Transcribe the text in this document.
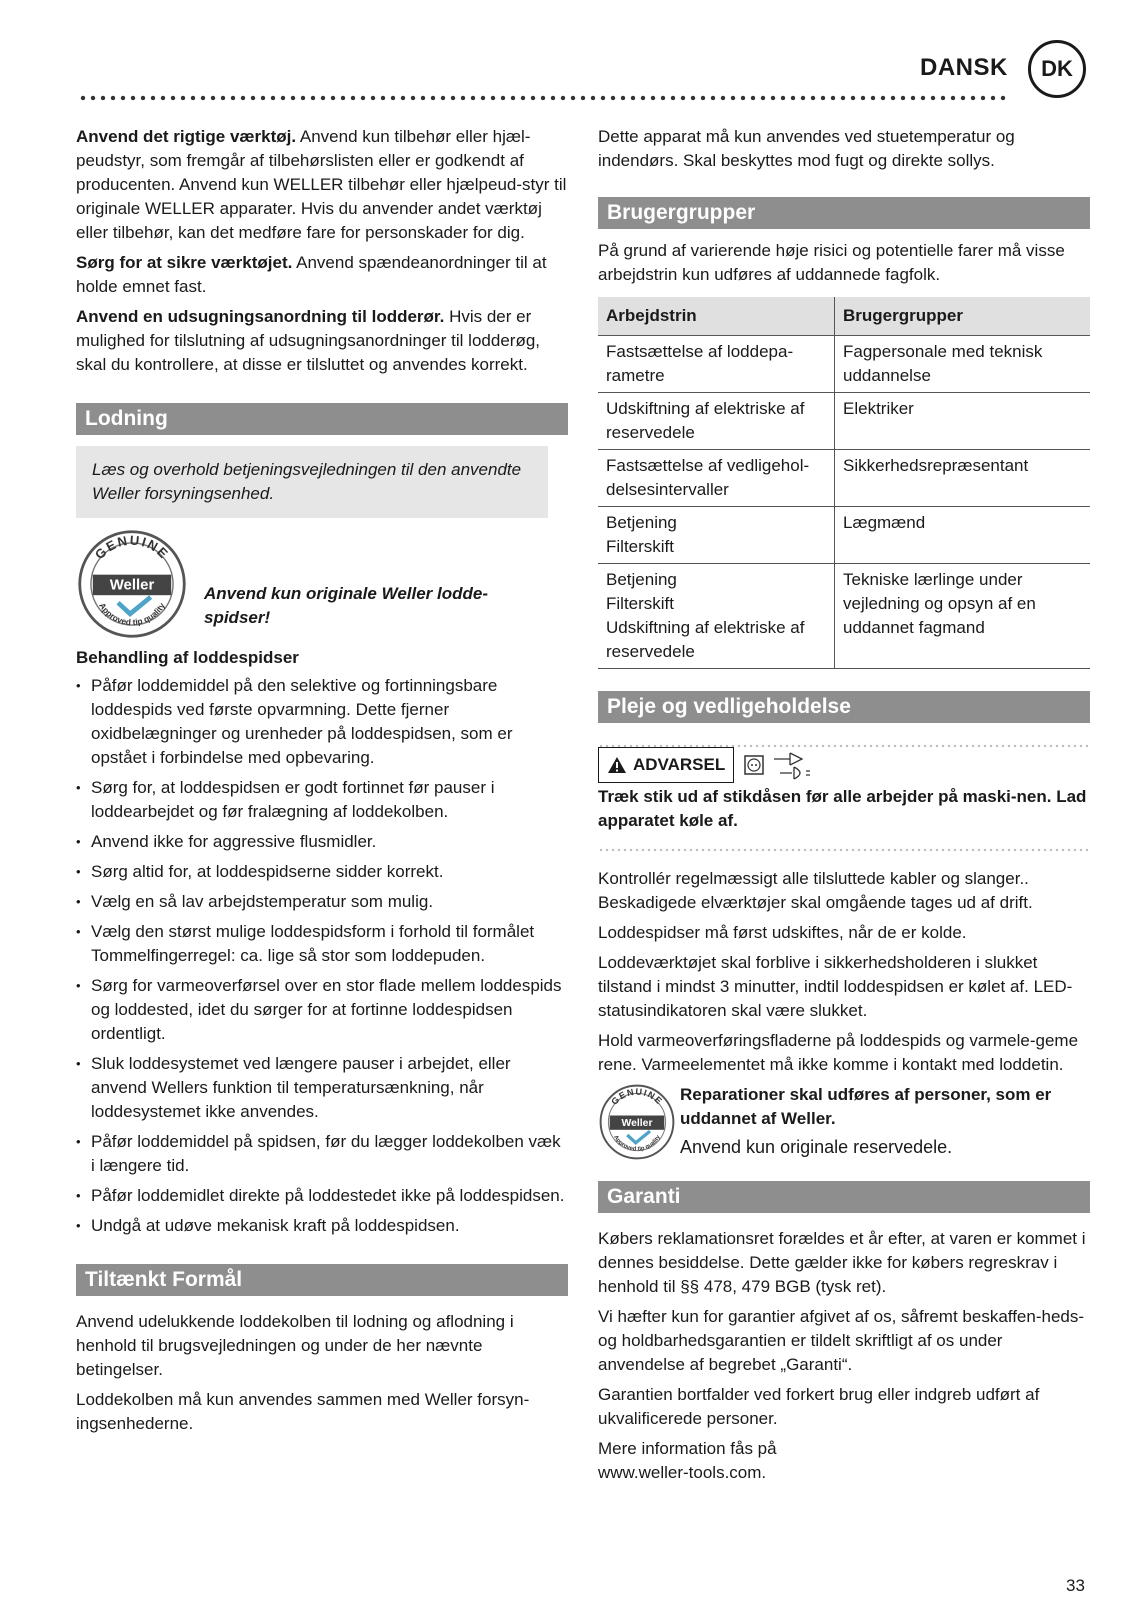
DANSK	DK

Anvend det rigtige værktøj. Anvend kun tilbehør eller hjæl-peudstyr, som fremgår af tilbehørslisten eller er godkendt af producenten. Anvend kun WELLER tilbehør eller hjælpeud-styr til originale WELLER apparater. Hvis du anvender andet værktøj eller tilbehør, kan det medføre fare for personskader for dig.

Sørg for at sikre værktøjet. Anvend spændeanordninger til at holde emnet fast.

Anvend en udsugningsanordning til lodderør. Hvis der er mulighed for tilslutning af udsugningsanordninger til lodderøg, skal du kontrollere, at disse er tilsluttet og anvendes korrekt.

Lodning
Læs og overhold betjeningsvejledningen til den anvendte Weller forsyningsenhed.
GENUINE
Approved tip quality
Weller	Anvend kun originale Weller lodde-spidser!
Behandling af loddespidser
• Påfør loddemiddel på den selektive og fortinningsbare loddespids ved første opvarmning. Dette fjerner oxidbelægninger og urenheder på loddespidsen, som er opstået i forbindelse med opbevaring.
• Sørg for, at loddespidsen er godt fortinnet før pauser i loddearbejdet og før fralægning af loddekolben.
• Anvend ikke for aggressive flusmidler.
• Sørg altid for, at loddespidserne sidder korrekt.
• Vælg en så lav arbejdstemperatur som mulig.
• Vælg den størst mulige loddespidsform i forhold til formålet Tommelfingerregel: ca. lige så stor som loddepuden.
• Sørg for varmeoverførsel over en stor flade mellem loddespids og loddested, idet du sørger for at fortinne loddespidsen ordentligt.
• Sluk loddesystemet ved længere pauser i arbejdet, eller anvend Wellers funktion til temperatursænkning, når loddesystemet ikke anvendes.
• Påfør loddemiddel på spidsen, før du lægger loddekolben væk i længere tid.
• Påfør loddemidlet direkte på loddestedet ikke på loddespidsen.
• Undgå at udøve mekanisk kraft på loddespidsen.
Tiltænkt Formål

Anvend udelukkende loddekolben til lodning og aflodning i henhold til brugsvejledningen og under de her nævnte betingelser.

Loddekolben må kun anvendes sammen med Weller forsyn-ingsenhederne.

Dette apparat må kun anvendes ved stuetemperatur og indendørs. Skal beskyttes mod fugt og direkte sollys.

Brugergrupper

På grund af varierende høje risici og potentielle farer må visse arbejdstrin kun udføres af uddannede fagfolk.

Arbejdstrin	Brugergrupper
Fastsættelse af loddepa-rametre	Fagpersonale med teknisk uddannelse
Udskiftning af elektriske af reservedele	Elektriker
Fastsættelse af vedligehol-delsesintervaller	Sikkerhedsrepræsentant
Betjening
Filterskift	Lægmænd
Betjening
Filterskift
Udskiftning af elektriske af reservedele	Tekniske lærlinge under vejledning og opsyn af en uddannet fagmand
Pleje og vedligeholdelse
ADVARSEL

Træk stik ud af stikdåsen før alle arbejder på maski-nen. Lad apparatet køle af.

Kontrollér regelmæssigt alle tilsluttede kabler og slanger.. Beskadigede elværktøjer skal omgående tages ud af drift.

Loddespidser må først udskiftes, når de er kolde.

Loddeværktøjet skal forblive i sikkerhedsholderen i slukket tilstand i mindst 3 minutter, indtil loddespidsen er kølet af. LED-statusindikatoren skal være slukket.

Hold varmeoverføringsfladerne på loddespids og varmele-geme rene. Varmeelementet må ikke komme i kontakt med loddetin.

GENUINE
Approved tip quality
Weller
Reparationer skal udføres af personer, som er uddannet af Weller.
Anvend kun originale reservedele.
Garanti

Købers reklamationsret forældes et år efter, at varen er kommet i dennes besiddelse. Dette gælder ikke for købers regreskrav i henhold til §§ 478, 479 BGB (tysk ret).

Vi hæfter kun for garantier afgivet af os, såfremt beskaffen-heds- og holdbarhedsgarantien er tildelt skriftligt af os under anvendelse af begrebet „Garanti“.

Garantien bortfalder ved forkert brug eller indgreb udført af ukvalificerede personer.

Mere information fås på www.weller-tools.com.

33
